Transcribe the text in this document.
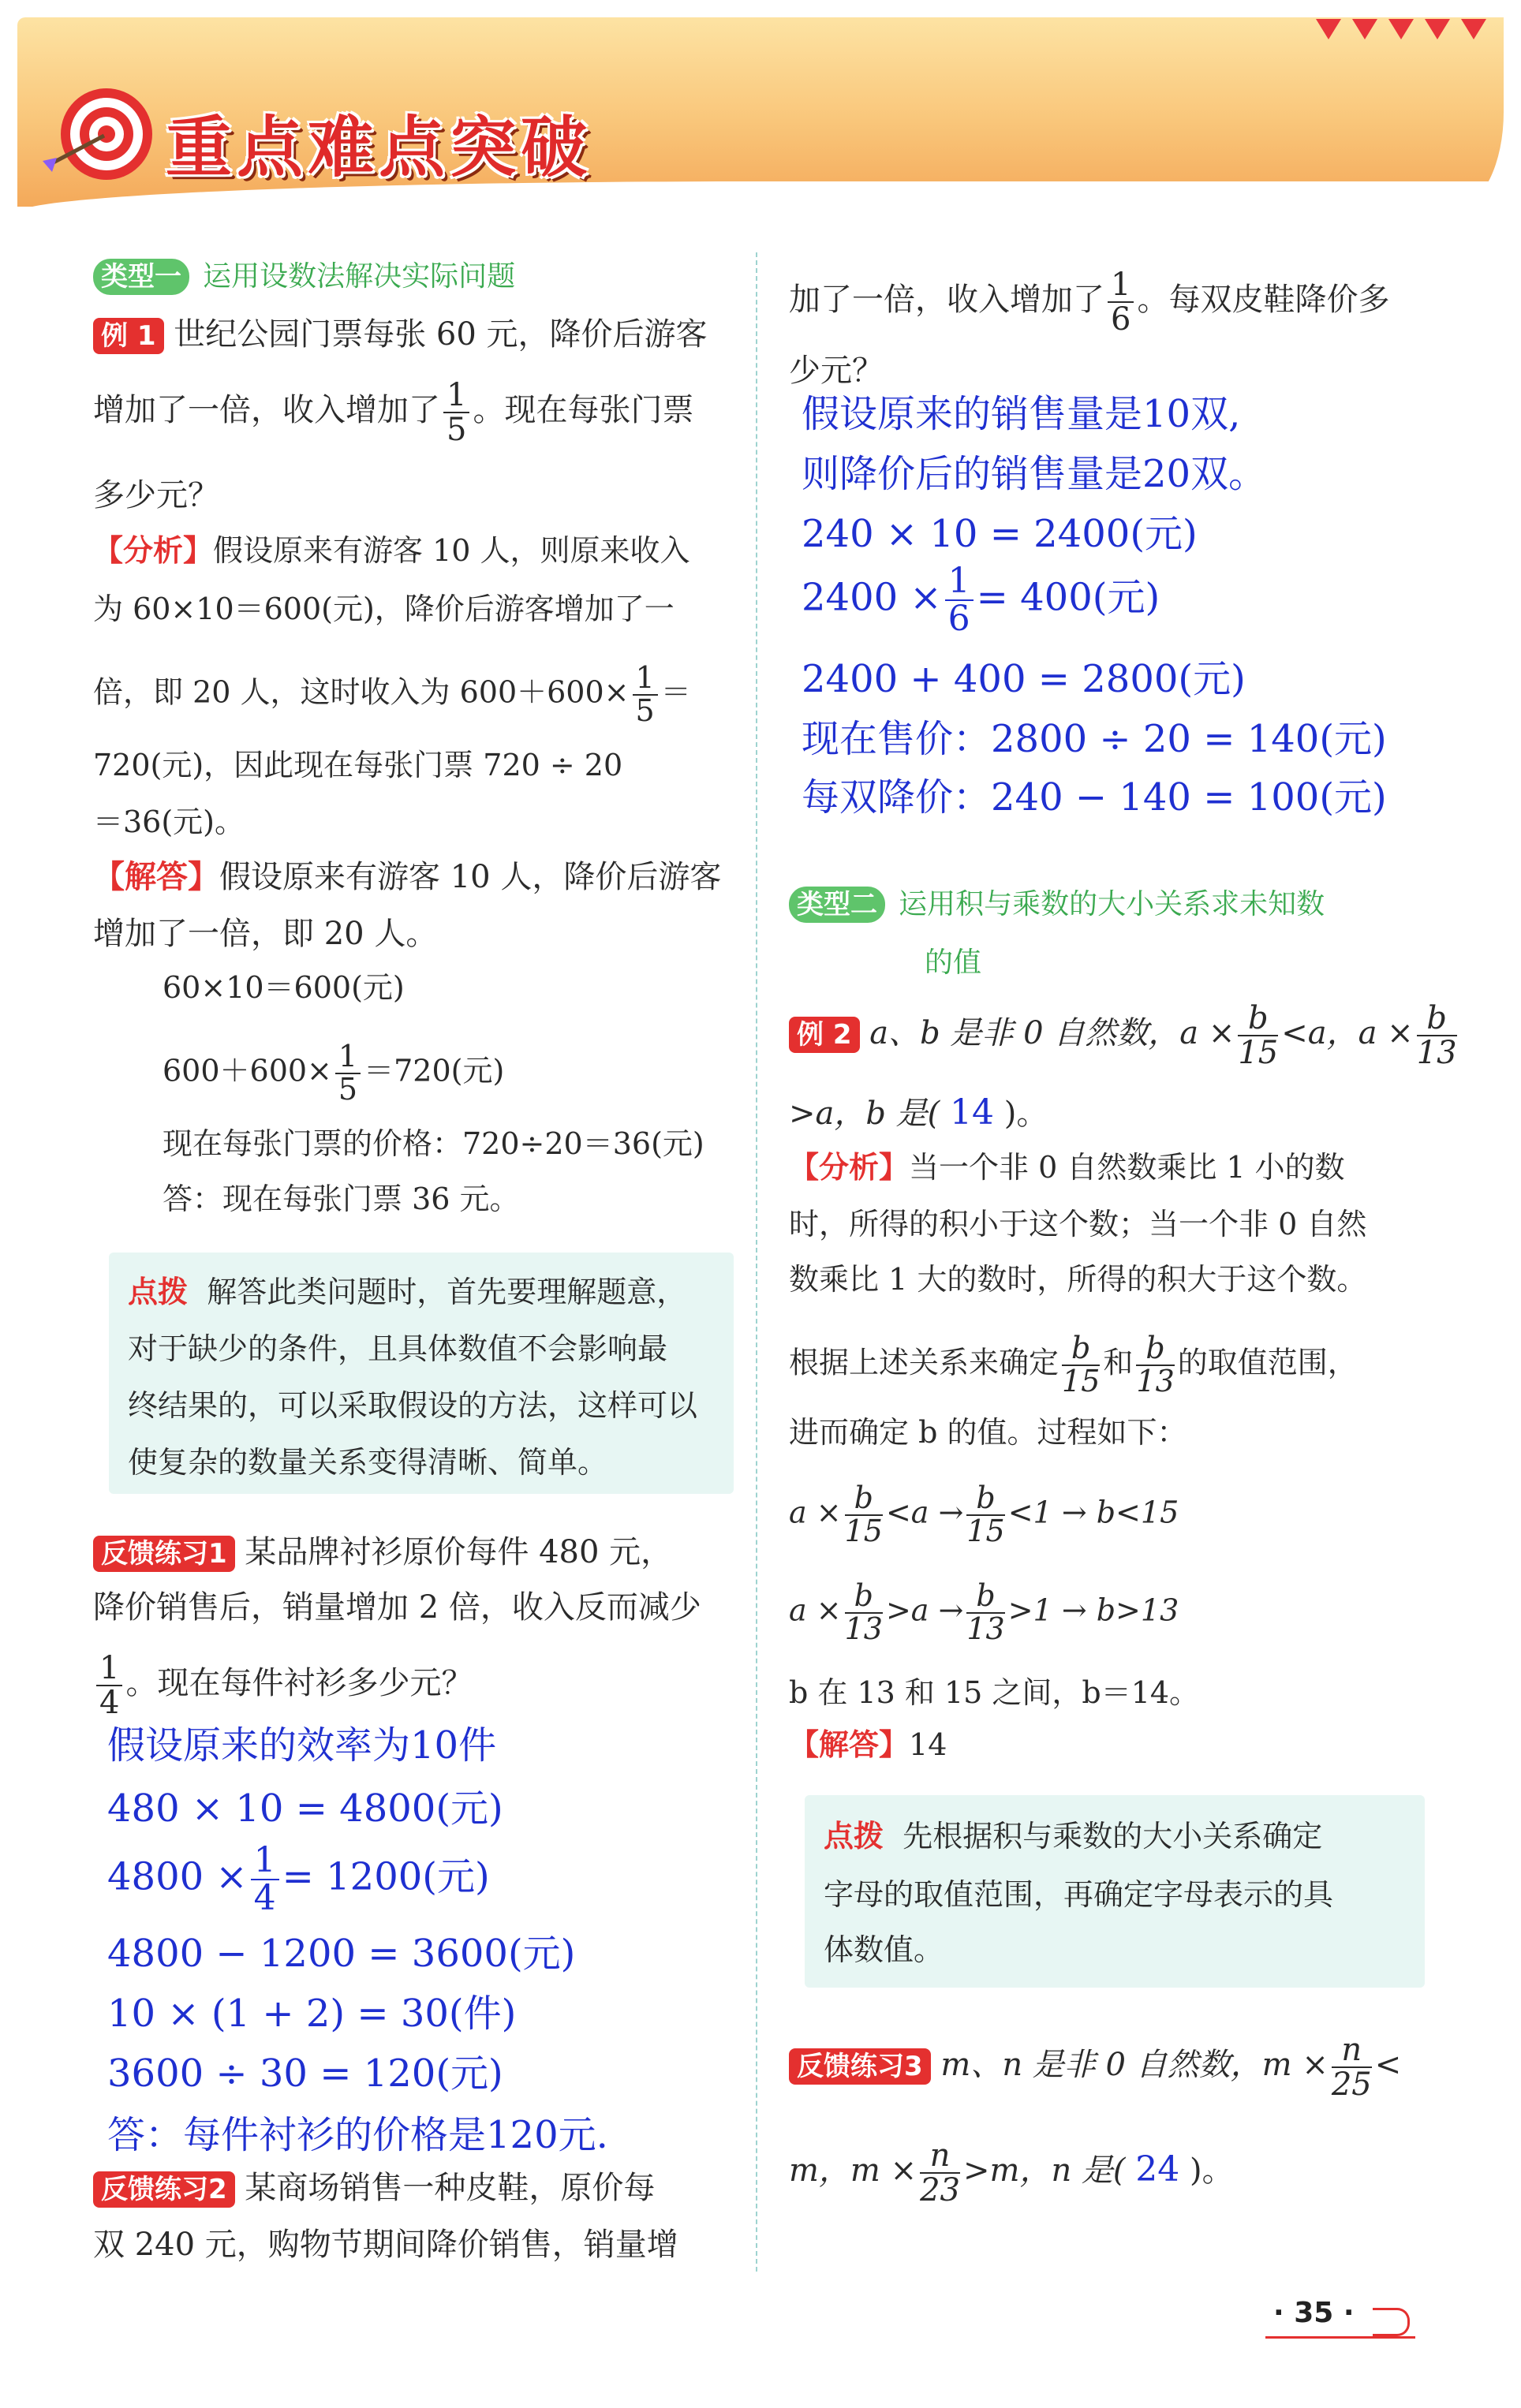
重点难点突破
类型一 运用设数法解决实际问题
例 1 世纪公园门票每张 60 元，降价后游客
增加了一倍，收入增加了 $\frac{1}{5}$ 。现在每张门票
多少元？
【分析】假设原来有游客 10 人，则原来收入
为 60×10＝600(元)，降价后游客增加了一
倍，即 20 人，这时收入为 $600+600\times \frac{1}{5}$ ＝
720(元)，因此现在每张门票 720 ÷ 20
＝36(元)。
【解答】假设原来有游客 10 人，降价后游客
增加了一倍，即 20 人。
60×10＝600(元)
$600+600\times \frac{1}{5} =720$(元)
现在每张门票的价格：720÷20＝36(元)
答：现在每张门票 36 元。
点拨 解答此类问题时，首先要理解题意，
对于缺少的条件，且具体数值不会影响最
终结果的，可以采取假设的方法，这样可以
使复杂的数量关系变得清晰、简单。
反馈练习1 某品牌衬衫原价每件 480 元，
降价销售后，销量增加 2 倍，收入反而减少
$\frac{1}{4}$ 。现在每件衬衫多少元？
假设原来的效率为10件
480 × 10 = 4800(元)
$4800 \times \frac{1}{4} = 1200$(元)
4800 − 1200 = 3600(元)
10 × (1 + 2) = 30(件)
3600 ÷ 30 = 120(元)
答：每件衬衫的价格是120元.
反馈练习2 某商场销售一种皮鞋，原价每
双 240 元，购物节期间降价销售，销量增
加了一倍，收入增加了 $\frac{1}{6}$ 。每双皮鞋降价多
少元？
假设原来的销售量是10双,
则降价后的销售量是20双。
240 × 10 = 2400(元)
$2400 \times \frac{1}{6} = 400$(元)
2400 + 400 = 2800(元)
现在售价：2800 ÷ 20 = 140(元)
每双降价：240 − 140 = 100(元)
类型二 运用积与乘数的大小关系求未知数
的值
例 2 a、b 是非 0 自然数，$a \times \frac{b}{15} <a$，$a \times \frac{b}{13}$
>a，b 是( 14 )。
【分析】当一个非 0 自然数乘比 1 小的数
时，所得的积小于这个数；当一个非 0 自然
数乘比 1 大的数时，所得的积大于这个数。
根据上述关系来确定 $\frac{b}{15}$ 和 $\frac{b}{13}$ 的取值范围，
进而确定 b 的值。过程如下：
$a \times \frac{b}{15} <a \to \frac{b}{15} <1 \to b<15$
$a \times \frac{b}{13} >a \to \frac{b}{13} >1 \to b>13$
b 在 13 和 15 之间，b＝14。
【解答】14
点拨 先根据积与乘数的大小关系确定
字母的取值范围，再确定字母表示的具
体数值。
反馈练习3 m、n 是非 0 自然数，$m \times \frac{n}{25}$ <
m，$m \times \frac{n}{23} >m$，n 是( 24 )。
· 35 ·
